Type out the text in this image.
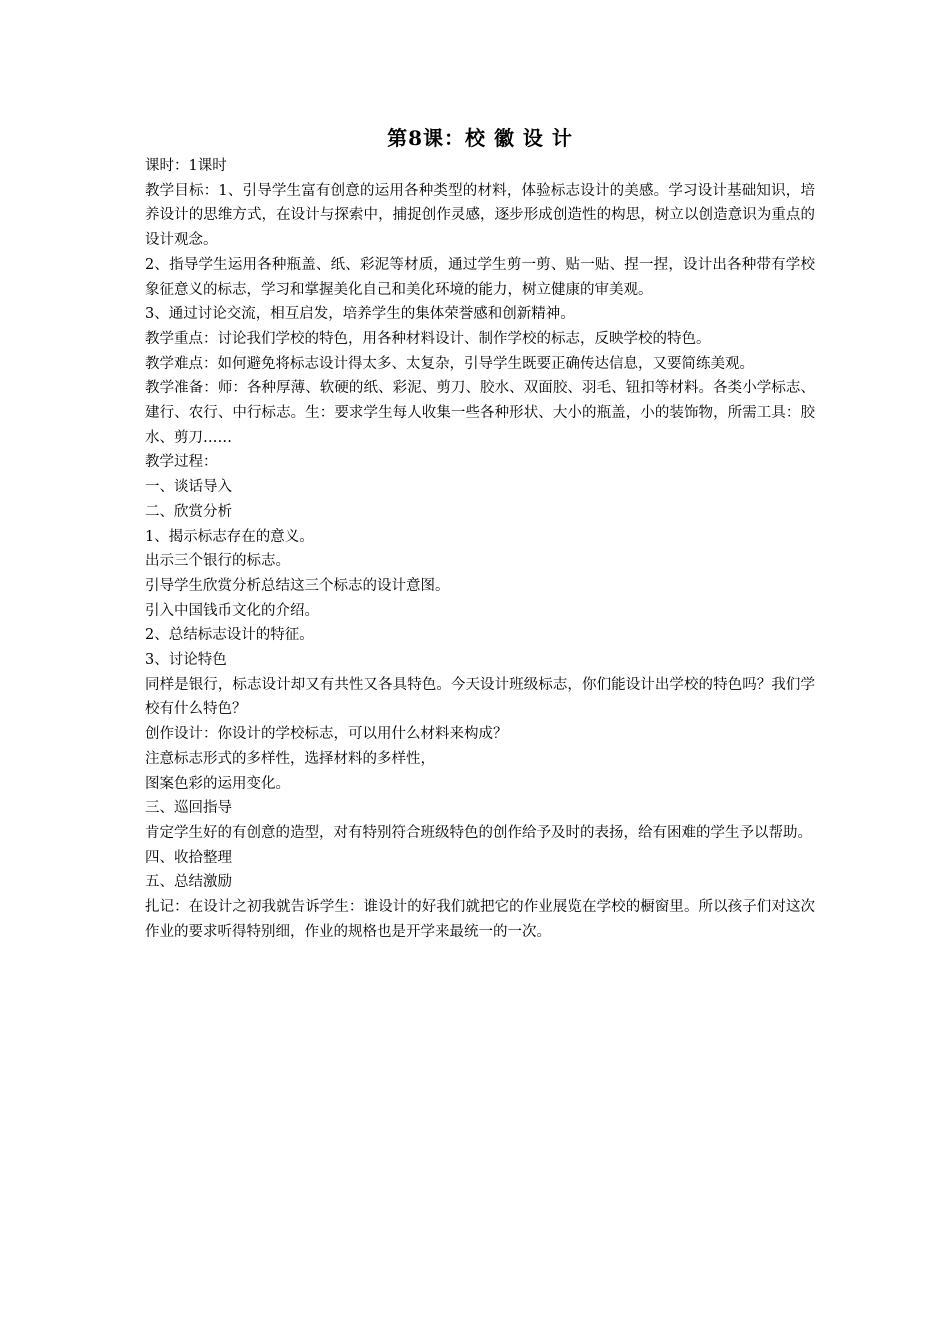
第8课：校 徽 设 计

课时：1课时

教学目标：1、引导学生富有创意的运用各种类型的材料，体验标志设计的美感。学习设计基础知识，培养设计的思维方式，在设计与探索中，捕捉创作灵感，逐步形成创造性的构思，树立以创造意识为重点的设计观念。

2、指导学生运用各种瓶盖、纸、彩泥等材质，通过学生剪一剪、贴一贴、捏一捏，设计出各种带有学校象征意义的标志，学习和掌握美化自己和美化环境的能力，树立健康的审美观。

3、通过讨论交流，相互启发，培养学生的集体荣誉感和创新精神。

教学重点：讨论我们学校的特色，用各种材料设计、制作学校的标志，反映学校的特色。

教学难点：如何避免将标志设计得太多、太复杂，引导学生既要正确传达信息，又要简练美观。

教学准备：师：各种厚薄、软硬的纸、彩泥、剪刀、胶水、双面胶、羽毛、钮扣等材料。各类小学标志、建行、农行、中行标志。生：要求学生每人收集一些各种形状、大小的瓶盖，小的装饰物，所需工具：胶水、剪刀……

教学过程：

一、谈话导入

二、欣赏分析

1、揭示标志存在的意义。

出示三个银行的标志。

引导学生欣赏分析总结这三个标志的设计意图。

引入中国钱币文化的介绍。

2、总结标志设计的特征。

3、讨论特色

同样是银行，标志设计却又有共性又各具特色。今天设计班级标志，你们能设计出学校的特色吗？我们学校有什么特色？

创作设计：你设计的学校标志，可以用什么材料来构成？

注意标志形式的多样性，选择材料的多样性，

图案色彩的运用变化。

三、巡回指导

肯定学生好的有创意的造型，对有特别符合班级特色的创作给予及时的表扬，给有困难的学生予以帮助。

四、收拾整理

五、总结激励

扎记：在设计之初我就告诉学生：谁设计的好我们就把它的作业展览在学校的橱窗里。所以孩子们对这次作业的要求听得特别细，作业的规格也是开学来最统一的一次。
